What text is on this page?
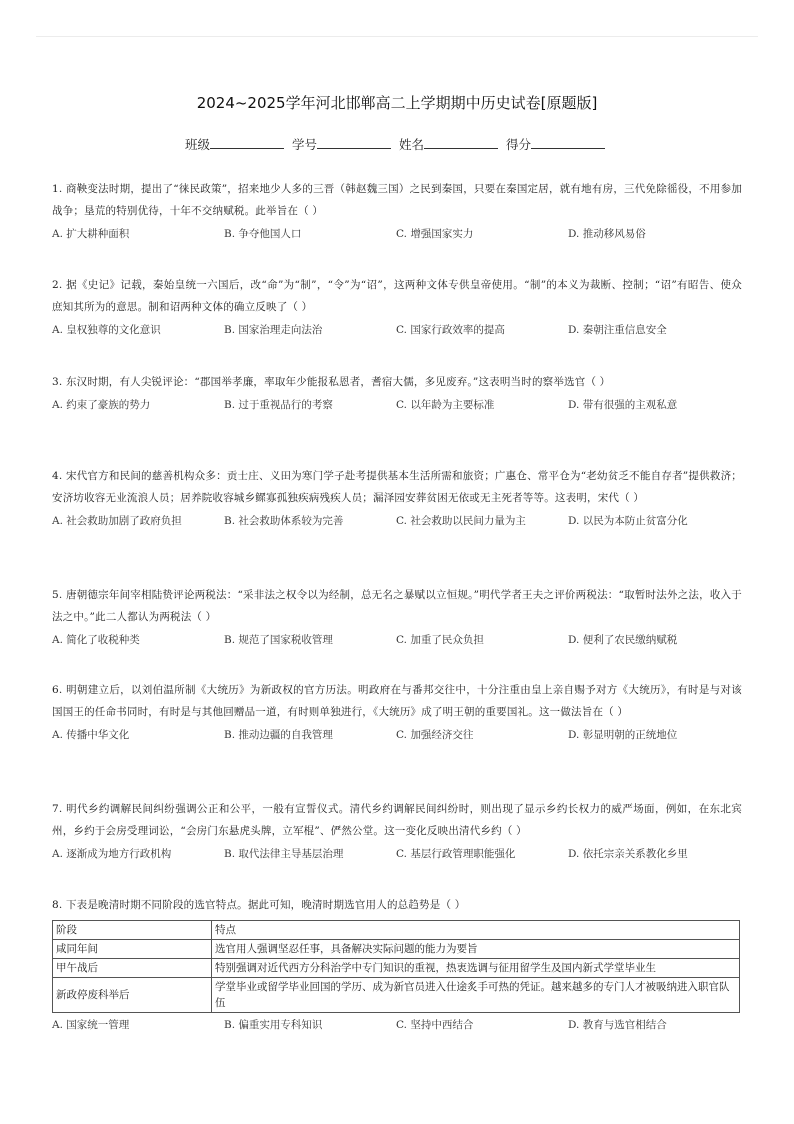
2024~2025学年河北邯郸高二上学期期中历史试卷[原题版]
班级	学号	姓名	得分
1. 商鞅变法时期，提出了“徕民政策”，招来地少人多的三晋（韩赵魏三国）之民到秦国，只要在秦国定居，就有地有房，三代免除徭役，不用参加战争；垦荒的特别优待，十年不交纳赋税。此举旨在（ ）
A. 扩大耕种面积	B. 争夺他国人口	C. 增强国家实力	D. 推动移风易俗
2. 据《史记》记载，秦始皇统一六国后，改“命”为“制”，“令”为“诏”，这两种文体专供皇帝使用。“制”的本义为裁断、控制；“诏”有昭告、使众庶知其所为的意思。制和诏两种文体的确立反映了（ ）
A. 皇权独尊的文化意识	B. 国家治理走向法治	C. 国家行政效率的提高	D. 秦朝注重信息安全
3. 东汉时期，有人尖锐评论：“郡国举孝廉，率取年少能报私恩者，耆宿大儒，多见废弃。”这表明当时的察举选官（ ）
A. 约束了豪族的势力	B. 过于重视品行的考察	C. 以年龄为主要标准	D. 带有很强的主观私意
4. 宋代官方和民间的慈善机构众多：贡士庄、义田为寒门学子赴考提供基本生活所需和旅资；广惠仓、常平仓为“老幼贫乏不能自存者”提供救济；安济坊收容无业流浪人员；居养院收容城乡鳏寡孤独疾病残疾人员；漏泽园安葬贫困无依或无主死者等等。这表明，宋代（ ）
A. 社会救助加剧了政府负担	B. 社会救助体系较为完善	C. 社会救助以民间力量为主	D. 以民为本防止贫富分化
5. 唐朝德宗年间宰相陆贽评论两税法：“采非法之权令以为经制，总无名之暴赋以立恒规。”明代学者王夫之评价两税法：“取暂时法外之法，收入于法之中。”此二人都认为两税法（ ）
A. 简化了收税种类	B. 规范了国家税收管理	C. 加重了民众负担	D. 便利了农民缴纳赋税
6. 明朝建立后，以刘伯温所制《大统历》为新政权的官方历法。明政府在与番邦交往中，十分注重由皇上亲自赐予对方《大统历》，有时是与对该国国王的任命书同时，有时是与其他回赠品一道，有时则单独进行，《大统历》成了明王朝的重要国礼。这一做法旨在（ ）
A. 传播中华文化	B. 推动边疆的自我管理	C. 加强经济交往	D. 彰显明朝的正统地位
7. 明代乡约调解民间纠纷强调公正和公平，一般有宣誓仪式。清代乡约调解民间纠纷时，则出现了显示乡约长权力的威严场面，例如，在东北宾州，乡约于会房受理词讼，“会房门东悬虎头牌，立军棍”、俨然公堂。这一变化反映出清代乡约（ ）
A. 逐渐成为地方行政机构	B. 取代法律主导基层治理	C. 基层行政管理职能强化	D. 依托宗亲关系教化乡里
8. 下表是晚清时期不同阶段的选官特点。据此可知，晚清时期选官用人的总趋势是（ ）
阶段	特点
咸同年间	选官用人强调坚忍任事，具备解决实际问题的能力为要旨
甲午战后	特别强调对近代西方分科治学中专门知识的重视，热衷选调与征用留学生及国内新式学堂毕业生
新政停废科举后	学堂毕业或留学毕业回国的学历、成为新官员进入仕途炙手可热的凭证。越来越多的专门人才被吸纳进入职官队伍
A. 国家统一管理	B. 偏重实用专科知识	C. 坚持中西结合	D. 教育与选官相结合
